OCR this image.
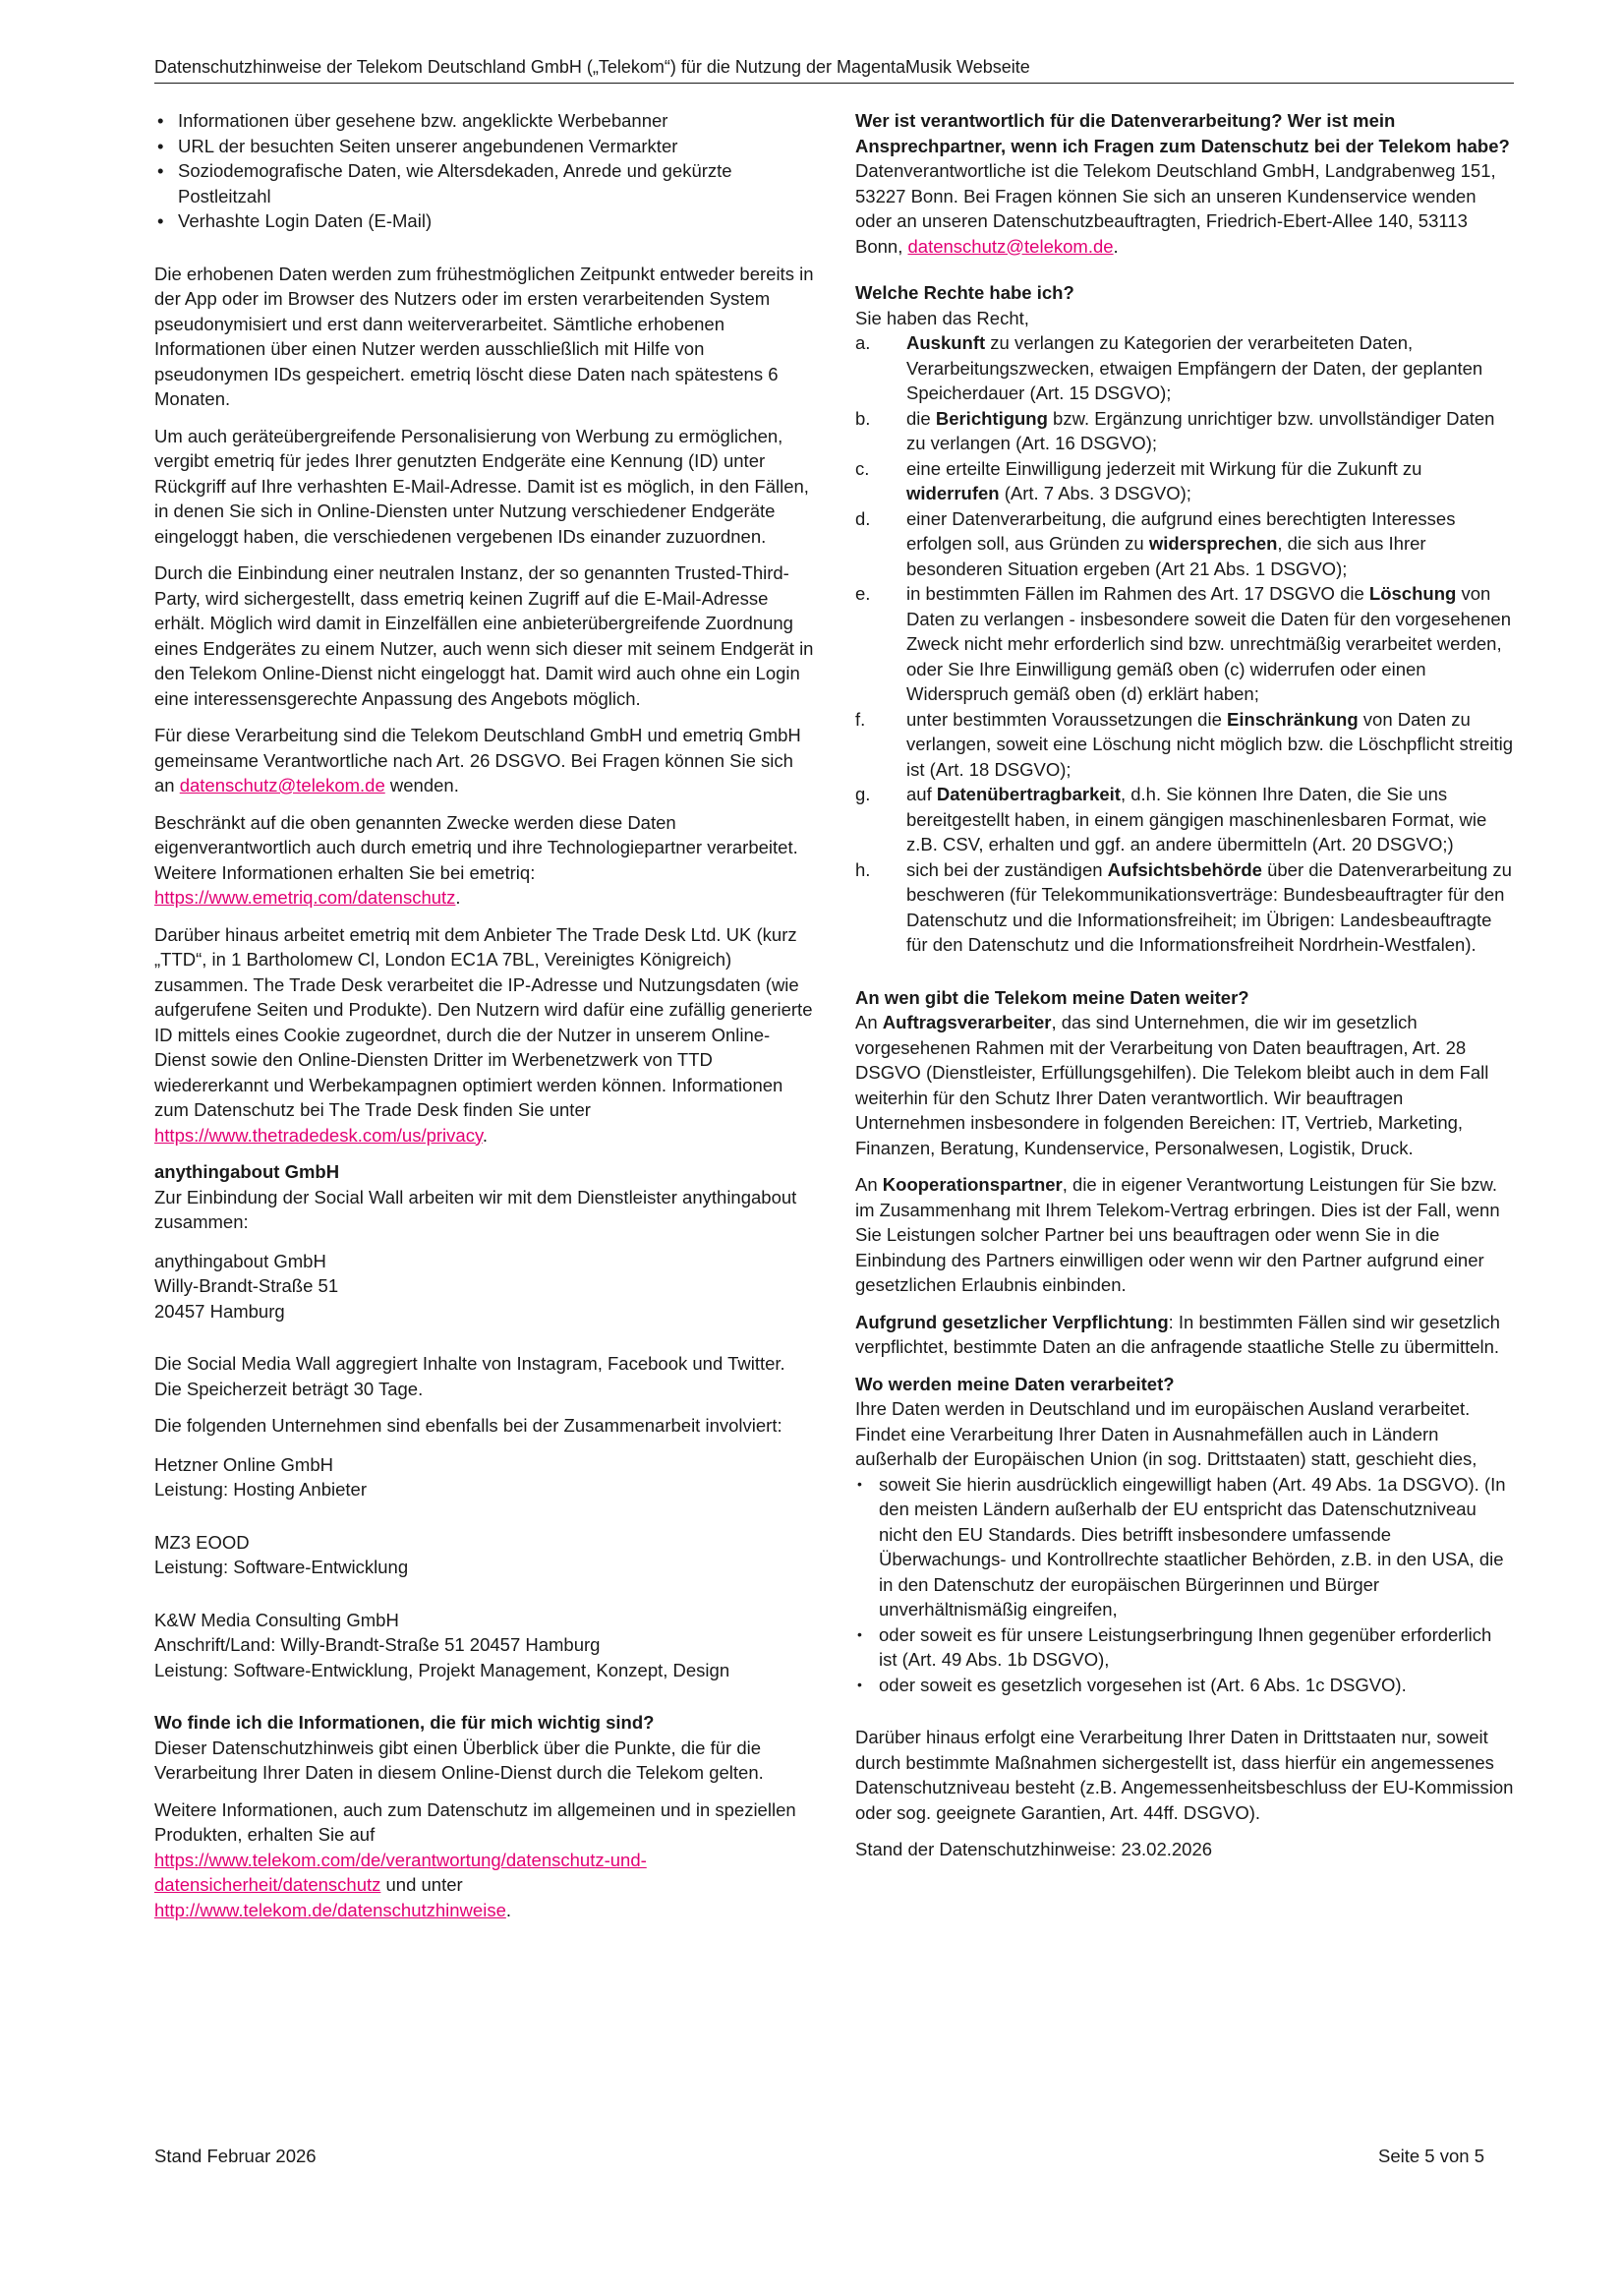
Datenschutzhinweise der Telekom Deutschland GmbH („Telekom“) für die Nutzung der MagentaMusik Webseite
• Informationen über gesehene bzw. angeklickte Werbebanner
• URL der besuchten Seiten unserer angebundenen Vermarkter
• Soziodemografische Daten, wie Altersdekaden, Anrede und gekürzte Postleitzahl
• Verhashte Login Daten (E-Mail)

Die erhobenen Daten werden zum frühestmöglichen Zeitpunkt entweder bereits in der App oder im Browser des Nutzers oder im ersten verarbeitenden System pseudonymisiert und erst dann weiterverarbeitet. Sämtliche erhobenen Informationen über einen Nutzer werden ausschließlich mit Hilfe von pseudonymen IDs gespeichert. emetriq löscht diese Daten nach spätestens 6 Monaten.

Um auch geräteübergreifende Personalisierung von Werbung zu ermöglichen, vergibt emetriq für jedes Ihrer genutzten Endgeräte eine Kennung (ID) unter Rückgriff auf Ihre verhashten E-Mail-Adresse. Damit ist es möglich, in den Fällen, in denen Sie sich in Online-Diensten unter Nutzung verschiedener Endgeräte eingeloggt haben, die verschiedenen vergebenen IDs einander zuzuordnen.

Durch die Einbindung einer neutralen Instanz, der so genannten Trusted-Third-Party, wird sichergestellt, dass emetriq keinen Zugriff auf die E-Mail-Adresse erhält. Möglich wird damit in Einzelfällen eine anbieterübergreifende Zuordnung eines Endgerätes zu einem Nutzer, auch wenn sich dieser mit seinem Endgerät in den Telekom Online-Dienst nicht eingeloggt hat. Damit wird auch ohne ein Login eine interessensgerechte Anpassung des Angebots möglich.

Für diese Verarbeitung sind die Telekom Deutschland GmbH und emetriq GmbH gemeinsame Verantwortliche nach Art. 26 DSGVO. Bei Fragen können Sie sich an datenschutz@telekom.de wenden.

Beschränkt auf die oben genannten Zwecke werden diese Daten eigenverantwortlich auch durch emetriq und ihre Technologiepartner verarbeitet. Weitere Informationen erhalten Sie bei emetriq:
https://www.emetriq.com/datenschutz.

Darüber hinaus arbeitet emetriq mit dem Anbieter The Trade Desk Ltd. UK (kurz „TTD“, in 1 Bartholomew Cl, London EC1A 7BL, Vereinigtes Königreich) zusammen. The Trade Desk verarbeitet die IP-Adresse und Nutzungsdaten (wie aufgerufene Seiten und Produkte). Den Nutzern wird dafür eine zufällig generierte ID mittels eines Cookie zugeordnet, durch die der Nutzer in unserem Online-Dienst sowie den Online-Diensten Dritter im Werbenetzwerk von TTD wiedererkannt und Werbekampagnen optimiert werden können. Informationen zum Datenschutz bei The Trade Desk finden Sie unter https://www.thetradedesk.com/us/privacy.

anythingabout GmbH

Zur Einbindung der Social Wall arbeiten wir mit dem Dienstleister anythingabout zusammen:

anythingabout GmbH
Willy-Brandt-Straße 51
20457 Hamburg

Die Social Media Wall aggregiert Inhalte von Instagram, Facebook und Twitter. Die Speicherzeit beträgt 30 Tage.

Die folgenden Unternehmen sind ebenfalls bei der Zusammenarbeit involviert:

Hetzner Online GmbH
Leistung: Hosting Anbieter
MZ3 EOOD
Leistung: Software-Entwicklung
K&W Media Consulting GmbH
Anschrift/Land: Willy-Brandt-Straße 51 20457 Hamburg
Leistung: Software-Entwicklung, Projekt Management, Konzept, Design
Wo finde ich die Informationen, die für mich wichtig sind?

Dieser Datenschutzhinweis gibt einen Überblick über die Punkte, die für die Verarbeitung Ihrer Daten in diesem Online-Dienst durch die Telekom gelten.

Weitere Informationen, auch zum Datenschutz im allgemeinen und in speziellen Produkten, erhalten Sie auf
https://www.telekom.com/de/verantwortung/datenschutz-und-datensicherheit/datenschutz und unter
http://www.telekom.de/datenschutzhinweise.

Wer ist verantwortlich für die Datenverarbeitung? Wer ist mein Ansprechpartner, wenn ich Fragen zum Datenschutz bei der Telekom habe?

Datenverantwortliche ist die Telekom Deutschland GmbH, Landgrabenweg 151, 53227 Bonn. Bei Fragen können Sie sich an unseren Kundenservice wenden oder an unseren Datenschutzbeauftragten, Friedrich-Ebert-Allee 140, 53113 Bonn, datenschutz@telekom.de.

Welche Rechte habe ich?
Sie haben das Recht,
a. Auskunft zu verlangen zu Kategorien der verarbeiteten Daten, Verarbeitungszwecken, etwaigen Empfängern der Daten, der geplanten Speicherdauer (Art. 15 DSGVO);
b. die Berichtigung bzw. Ergänzung unrichtiger bzw. unvollständiger Daten zu verlangen (Art. 16 DSGVO);
c. eine erteilte Einwilligung jederzeit mit Wirkung für die Zukunft zu widerrufen (Art. 7 Abs. 3 DSGVO);
d. einer Datenverarbeitung, die aufgrund eines berechtigten Interesses erfolgen soll, aus Gründen zu widersprechen, die sich aus Ihrer besonderen Situation ergeben (Art 21 Abs. 1 DSGVO);
e. in bestimmten Fällen im Rahmen des Art. 17 DSGVO die Löschung von Daten zu verlangen - insbesondere soweit die Daten für den vorgesehenen Zweck nicht mehr erforderlich sind bzw. unrechtmäßig verarbeitet werden, oder Sie Ihre Einwilligung gemäß oben (c) widerrufen oder einen Widerspruch gemäß oben (d) erklärt haben;
f. unter bestimmten Voraussetzungen die Einschränkung von Daten zu verlangen, soweit eine Löschung nicht möglich bzw. die Löschpflicht streitig ist (Art. 18 DSGVO);
g. auf Datenübertragbarkeit, d.h. Sie können Ihre Daten, die Sie uns bereitgestellt haben, in einem gängigen maschinenlesbaren Format, wie z.B. CSV, erhalten und ggf. an andere übermitteln (Art. 20 DSGVO;)
h. sich bei der zuständigen Aufsichtsbehörde über die Datenverarbeitung zu beschweren (für Telekommunikationsverträge: Bundesbeauftragter für den Datenschutz und die Informationsfreiheit; im Übrigen: Landesbeauftragte für den Datenschutz und die Informationsfreiheit Nordrhein-Westfalen).
An wen gibt die Telekom meine Daten weiter?

An Auftragsverarbeiter, das sind Unternehmen, die wir im gesetzlich vorgesehenen Rahmen mit der Verarbeitung von Daten beauftragen, Art. 28 DSGVO (Dienstleister, Erfüllungsgehilfen). Die Telekom bleibt auch in dem Fall weiterhin für den Schutz Ihrer Daten verantwortlich. Wir beauftragen Unternehmen insbesondere in folgenden Bereichen: IT, Vertrieb, Marketing, Finanzen, Beratung, Kundenservice, Personalwesen, Logistik, Druck.

An Kooperationspartner, die in eigener Verantwortung Leistungen für Sie bzw. im Zusammenhang mit Ihrem Telekom-Vertrag erbringen. Dies ist der Fall, wenn Sie Leistungen solcher Partner bei uns beauftragen oder wenn Sie in die Einbindung des Partners einwilligen oder wenn wir den Partner aufgrund einer gesetzlichen Erlaubnis einbinden.

Aufgrund gesetzlicher Verpflichtung: In bestimmten Fällen sind wir gesetzlich verpflichtet, bestimmte Daten an die anfragende staatliche Stelle zu übermitteln.

Wo werden meine Daten verarbeitet?
Ihre Daten werden in Deutschland und im europäischen Ausland verarbeitet. Findet eine Verarbeitung Ihrer Daten in Ausnahmefällen auch in Ländern außerhalb der Europäischen Union (in sog. Drittstaaten) statt, geschieht dies,
• soweit Sie hierin ausdrücklich eingewilligt haben (Art. 49 Abs. 1a DSGVO). (In den meisten Ländern außerhalb der EU entspricht das Datenschutzniveau nicht den EU Standards. Dies betrifft insbesondere umfassende Überwachungs- und Kontrollrechte staatlicher Behörden, z.B. in den USA, die in den Datenschutz der europäischen Bürgerinnen und Bürger unverhältnismäßig eingreifen,
• oder soweit es für unsere Leistungserbringung Ihnen gegenüber erforderlich ist (Art. 49 Abs. 1b DSGVO),
• oder soweit es gesetzlich vorgesehen ist (Art. 6 Abs. 1c DSGVO).

Darüber hinaus erfolgt eine Verarbeitung Ihrer Daten in Drittstaaten nur, soweit durch bestimmte Maßnahmen sichergestellt ist, dass hierfür ein angemessenes Datenschutzniveau besteht (z.B. Angemessenheitsbeschluss der EU-Kommission oder sog. geeignete Garantien, Art. 44ff. DSGVO).

Stand der Datenschutzhinweise: 23.02.2026

Stand Februar 2026	Seite 5 von 5
